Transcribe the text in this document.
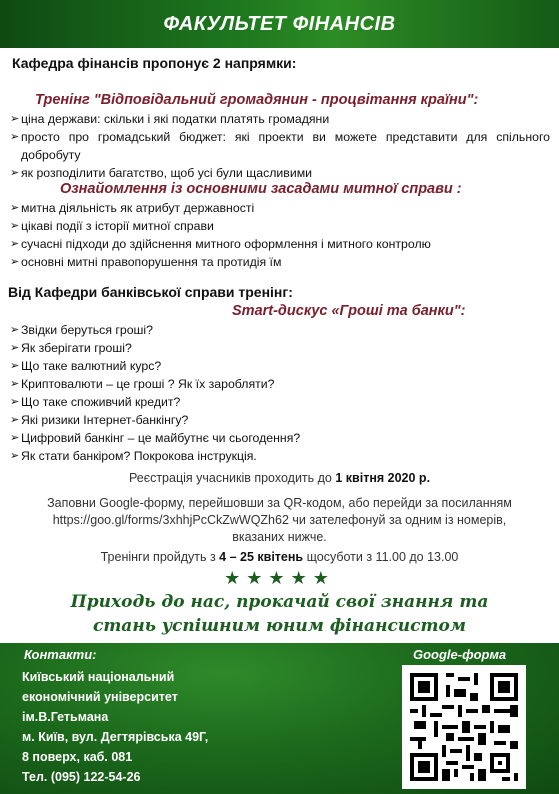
ФАКУЛЬТЕТ ФІНАНСІВ
Кафедра фінансів пропонує 2 напрямки:
Тренінг "Відповідальний громадянин - процвітання країни":
➢ ціна держави: скільки і які податки платять громадяни
➢ просто про громадський бюджет: які проекти ви можете представити для спільного добробуту
➢ як розподілити багатство, щоб усі були щасливими
Ознайомлення із основними засадами митної справи :
➢ митна діяльність як атрибут державності
➢ цікаві події з історії митної справи
➢ сучасні підходи до здійснення митного оформлення і митного контролю
➢ основні митні правопорушення та протидія їм
Від Кафедри банківської справи тренінг:
Smart-дискус «Гроші та банки":
➢ Звідки беруться гроші?
➢ Як зберігати гроші?
➢ Що таке валютний курс?
➢ Криптовалюти – це гроші ? Як їх заробляти?
➢ Що таке споживчий кредит?
➢ Які ризики Інтернет-банкінгу?
➢ Цифровий банкінг – це майбутнє чи сьогодення?
➢ Як стати банкіром? Покрокова інструкція.
Реєстрація учасників проходить до 1 квітня 2020 р.
Заповни Google-форму, перейшовши за QR-кодом, або перейди за посиланням https://goo.gl/forms/3xhhjPcCkZwWQZh62 чи зателефонуй за одним із номерів, вказаних нижче.
Тренінги пройдуть з 4 – 25 квітень щосуботи з 11.00 до 13.00
★★★★★
Приходь до нас, прокачай свої знання та
стань успішним юним фінансистом
Контакти:	Google-форма
Київський національний
економічний університет
ім.В.Гетьмана
м. Київ, вул. Дегтярівська 49Г,
8 поверх, каб. 081
Тел. (095) 122-54-26
